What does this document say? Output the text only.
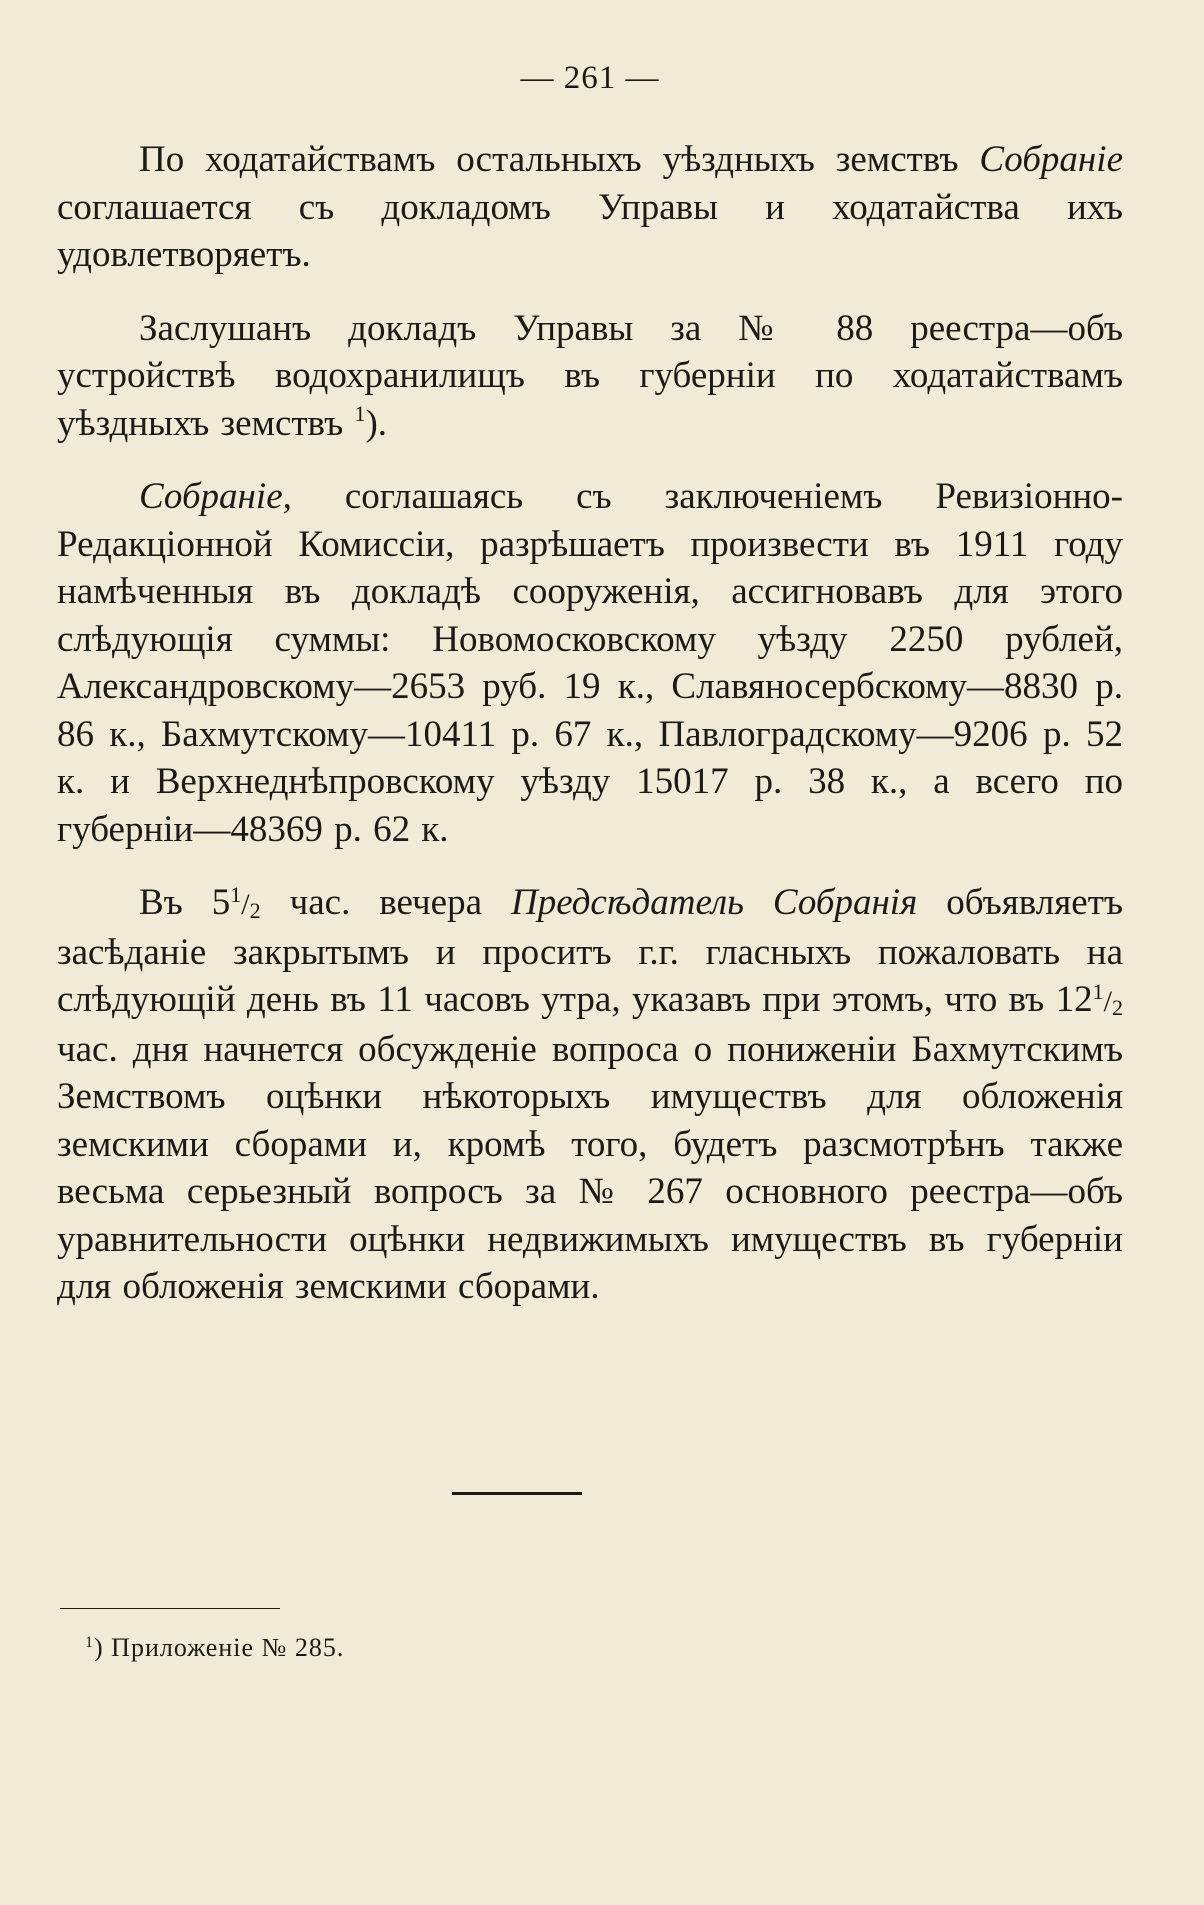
— 261 —

По ходатайствамъ остальныхъ уѣздныхъ земствъ Собраніе соглашается съ докладомъ Управы и ходатайства ихъ удовлетворяетъ.

Заслушанъ докладъ Управы за № 88 реестра—объ устройствѣ водохранилищъ въ губерніи по ходатайствамъ уѣздныхъ земствъ $^1$).

Собраніе, соглашаясь съ заключеніемъ Ревизіонно-Редакціонной Комиссіи, разрѣшаетъ произвести въ 1911 году намѣченныя въ докладѣ сооруженія, ассигновавъ для этого слѣдующія суммы: Новомосковскому уѣзду 2250 рублей, Александровскому—2653 руб. 19 к., Славяносербскому—8830 р. 86 к., Бахмутскому—10411 р. 67 к., Павлоградскому—9206 р. 52 к. и Верхнеднѣпровскому уѣзду 15017 р. 38 к., а всего по губерніи—48369 р. 62 к.

Въ $5^1/_2$ час. вечера Предсѣдатель Собранія объявляетъ засѣданіе закрытымъ и проситъ г.г. гласныхъ пожаловать на слѣдующій день въ 11 часовъ утра, указавъ при этомъ, что въ $12^1/_2$ час. дня начнется обсужденіе вопроса о пониженіи Бахмутскимъ Земствомъ оцѣнки нѣкоторыхъ имуществъ для обложенія земскими сборами и, кромѣ того, будетъ разсмотрѣнъ также весьма серьезный вопросъ за № 267 основного реестра—объ уравнительности оцѣнки недвижимыхъ имуществъ въ губерніи для обложенія земскими сборами.

$^1$) Приложеніе № 285.
